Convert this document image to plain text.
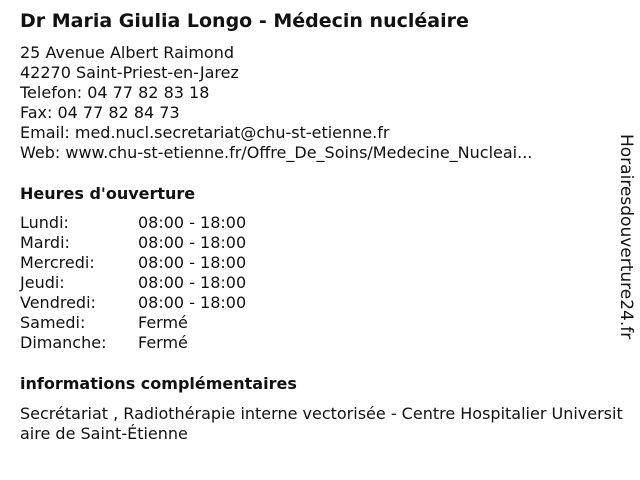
Dr Maria Giulia Longo - Médecin nucléaire
25 Avenue Albert Raimond
42270 Saint-Priest-en-Jarez
Telefon: 04 77 82 83 18
Fax: 04 77 82 84 73
Email: med.nucl.secretariat@chu-st-etienne.fr
Web: www.chu-st-etienne.fr/Offre_De_Soins/Medecine_Nucleai...
Heures d'ouverture
Lundi:	08:00 - 18:00
Mardi:	08:00 - 18:00
Mercredi:	08:00 - 18:00
Jeudi:	08:00 - 18:00
Vendredi:	08:00 - 18:00
Samedi:	Fermé
Dimanche: Fermé
informations complémentaires
Secrétariat , Radiothérapie interne vectorisée - Centre Hospitalier Universitaire de Saint-Étienne
Horairesdouverture24.fr
